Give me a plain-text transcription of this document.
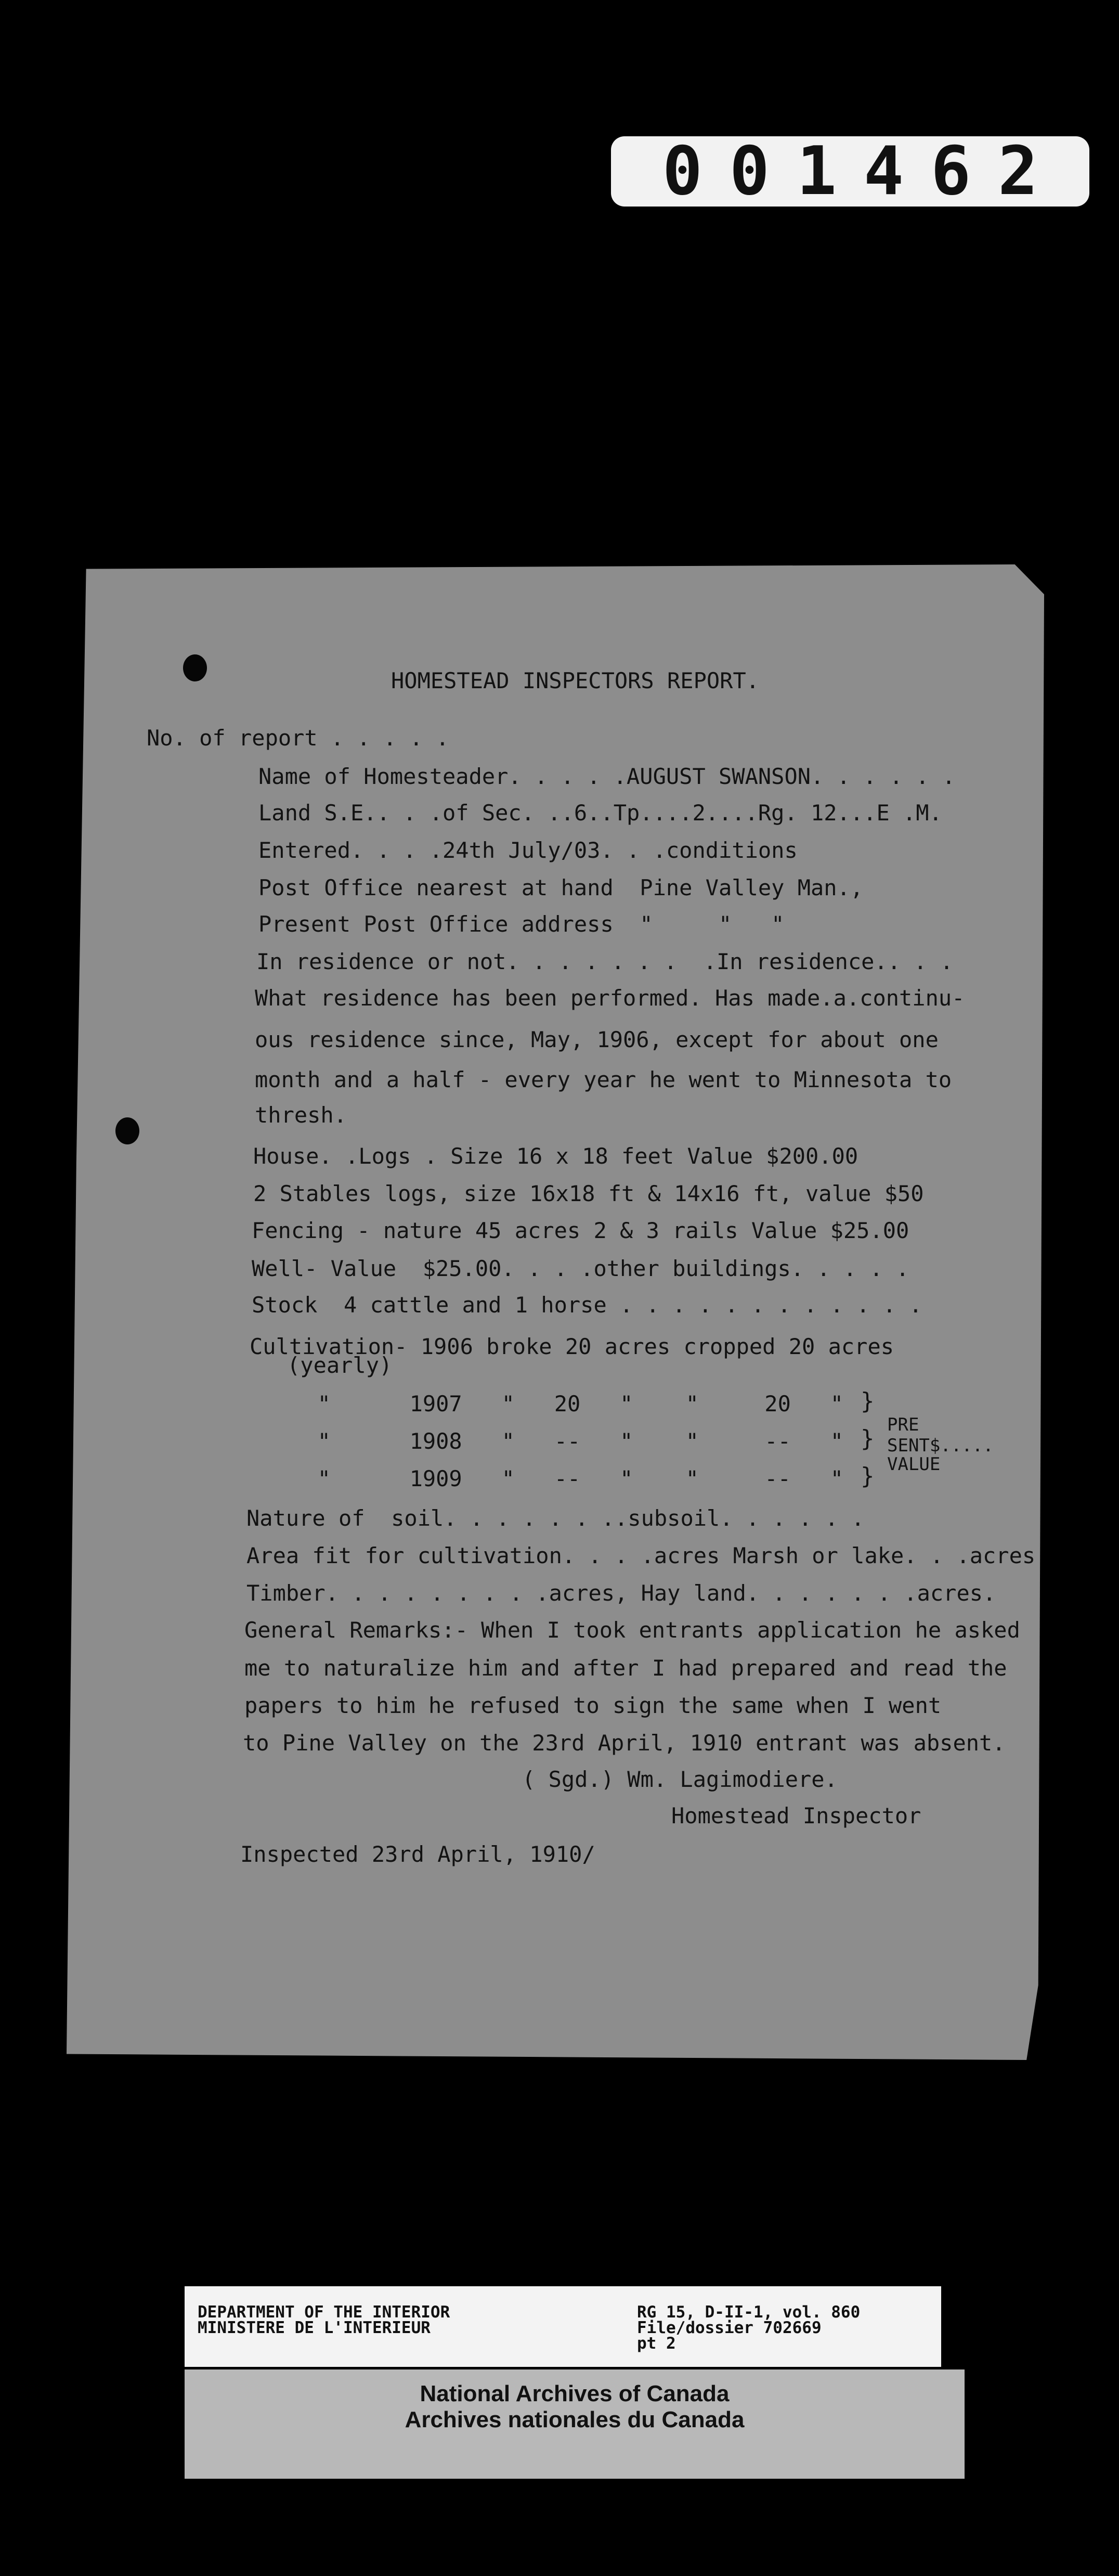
001462
HOMESTEAD INSPECTORS REPORT.
No. of report . . . . .
Name of Homesteader. . . . .AUGUST SWANSON. . . . . .
Land S.E.. . .of Sec. ..6..Tp....2....Rg. 12...E .M.
Entered. . . .24th July/03. . .conditions
Post Office nearest at hand  Pine Valley Man.,
Present Post Office address  "     "   "
In residence or not. . . . . . .  .In residence.. . .
What residence has been performed. Has made.a.continu-
ous residence since, May, 1906, except for about one
month and a half - every year he went to Minnesota to
thresh.
House. .Logs . Size 16 x 18 feet Value $200.00
2 Stables logs, size 16x18 ft & 14x16 ft, value $50
Fencing - nature 45 acres 2 & 3 rails Value $25.00
Well- Value  $25.00. . . .other buildings. . . . .
Stock  4 cattle and 1 horse . . . . . . . . . . . .
Cultivation- 1906 broke 20 acres cropped 20 acres
(yearly)
"      1907   "   20   "    "     20   "
"      1908   "   --   "    "     --   "
"      1909   "   --   "    "     --   "
}
}
}
PRE
SENT$.....
VALUE
Nature of  soil. . . . . . ..subsoil. . . . . .
Area fit for cultivation. . . .acres Marsh or lake. . .acres
Timber. . . . . . . . .acres, Hay land. . . . . . .acres.
General Remarks:- When I took entrants application he asked
me to naturalize him and after I had prepared and read the
papers to him he refused to sign the same when I went
to Pine Valley on the 23rd April, 1910 entrant was absent.
( Sgd.) Wm. Lagimodiere.
Homestead Inspector
Inspected 23rd April, 1910/
DEPARTMENT OF THE INTERIOR
MINISTERE DE L'INTERIEUR
RG 15, D-II-1, vol. 860
File/dossier 702669
pt 2
National Archives of Canada
Archives nationales du Canada
